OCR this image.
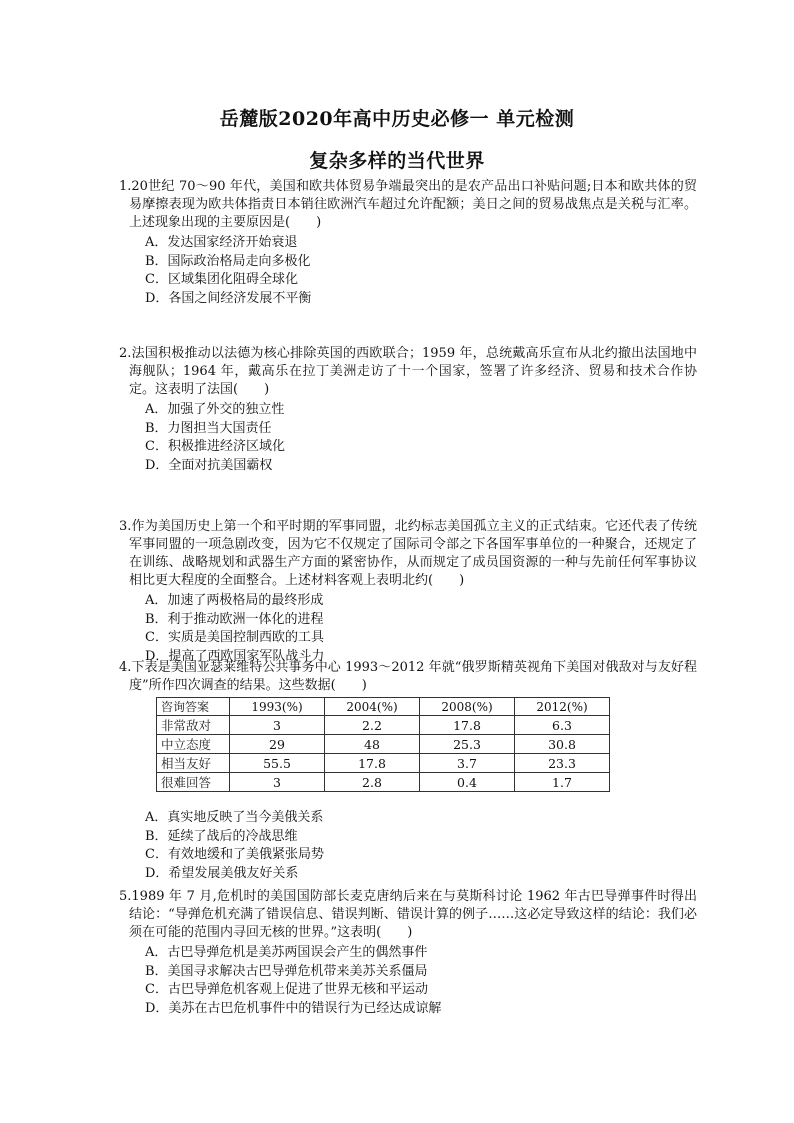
岳麓版2020年高中历史必修一 单元检测
复杂多样的当代世界

1.20世纪 70～90 年代，美国和欧共体贸易争端最突出的是农产品出口补贴问题;日本和欧共体的贸易摩擦表现为欧共体指责日本销往欧洲汽车超过允许配额；美日之间的贸易战焦点是关税与汇率。上述现象出现的主要原因是(　　)

A．发达国家经济开始衰退
B．国际政治格局走向多极化
C．区域集团化阻碍全球化
D．各国之间经济发展不平衡

2.法国积极推动以法德为核心排除英国的西欧联合；1959 年，总统戴高乐宣布从北约撤出法国地中海舰队；1964 年，戴高乐在拉丁美洲走访了十一个国家，签署了许多经济、贸易和技术合作协定。这表明了法国(　　)

A．加强了外交的独立性
B．力图担当大国责任
C．积极推进经济区域化
D．全面对抗美国霸权

3.作为美国历史上第一个和平时期的军事同盟，北约标志美国孤立主义的正式结束。它还代表了传统军事同盟的一项急剧改变，因为它不仅规定了国际司令部之下各国军事单位的一种聚合，还规定了在训练、战略规划和武器生产方面的紧密协作，从而规定了成员国资源的一种与先前任何军事协议相比更大程度的全面整合。上述材料客观上表明北约(　　)

A．加速了两极格局的最终形成
B．利于推动欧洲一体化的进程
C．实质是美国控制西欧的工具
D．提高了西欧国家军队战斗力

4.下表是美国亚瑟莱维特公共事务中心 1993～2012 年就“俄罗斯精英视角下美国对俄敌对与友好程度”所作四次调查的结果。这些数据(　　)

A．真实地反映了当今美俄关系
B．延续了战后的冷战思维
C．有效地缓和了美俄紧张局势
D．希望发展美俄友好关系
咨询答案	1993(%)	2004(%)	2008(%)	2012(%)
非常敌对	3	2.2	17.8	6.3
中立态度	29	48	25.3	30.8
相当友好	55.5	17.8	3.7	23.3
很难回答	3	2.8	0.4	1.7

5.1989 年 7 月,危机时的美国国防部长麦克唐纳后来在与莫斯科讨论 1962 年古巴导弹事件时得出结论：“导弹危机充满了错误信息、错误判断、错误计算的例子……这必定导致这样的结论：我们必须在可能的范围内寻回无核的世界。”这表明(　　)

A．古巴导弹危机是美苏两国误会产生的偶然事件
B．美国寻求解决古巴导弹危机带来美苏关系僵局
C．古巴导弹危机客观上促进了世界无核和平运动
D．美苏在古巴危机事件中的错误行为已经达成谅解
